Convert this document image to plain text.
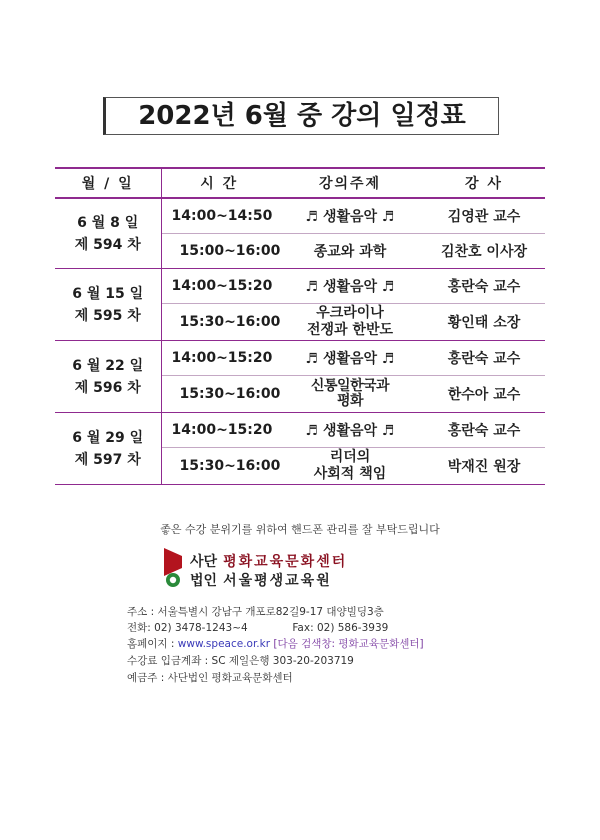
2022년 6월 중 강의 일정표
월 / 일	시 간	강의주제	강 사

6 월 8 일
제 594 차	14:00~14:50	♬ 생활음악 ♬	김영관 교수
	15:00~16:00	종교와 과학	김찬호 이사장

6 월 15 일
제 595 차	14:00~15:20	♬ 생활음악 ♬	홍란숙 교수
	15:30~16:00	우크라이나
전쟁과 한반도	황인태 소장

6 월 22 일
제 596 차	14:00~15:20	♬ 생활음악 ♬	홍란숙 교수
	15:30~16:00	신통일한국과
평화	한수아 교수

6 월 29 일
제 597 차	14:00~15:20	♬ 생활음악 ♬	홍란숙 교수
	15:30~16:00	리더의
사회적 책임	박재진 원장
좋은 수강 분위기를 위하여 핸드폰 관리를 잘 부탁드립니다
사단 평화교육문화센터
법인 서울평생교육원
주소 : 서울특별시 강남구 개포로82길9-17 대양빌딩3층
전화: 02) 3478-1243~4	Fax: 02) 586-3939
홈페이지 : www.speace.or.kr [다음 검색창: 평화교육문화센터]
수강료 입금계좌 : SC 제일은행 303-20-203719
예금주 : 사단법인 평화교육문화센터
